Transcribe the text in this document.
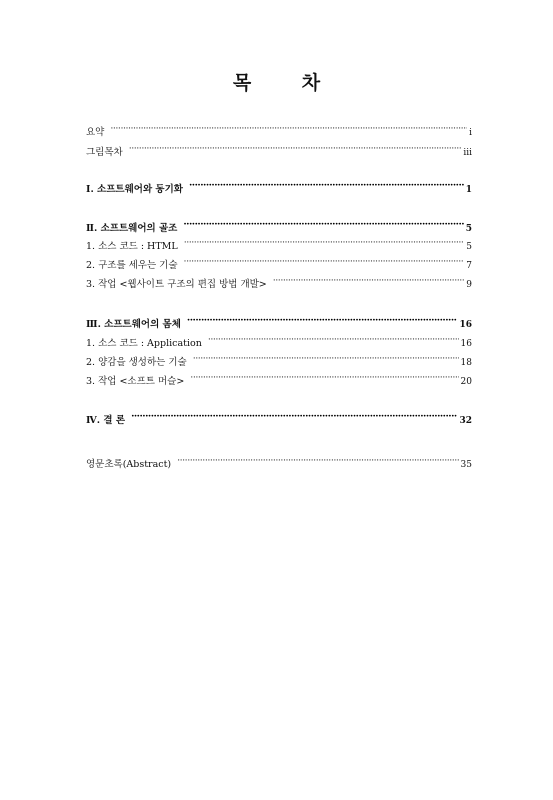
목 차
요약 ·····	i
그림목차 ·····	iii
Ⅰ. 소프트웨어와 동기화 ·····	1
Ⅱ. 소프트웨어의 골조 ·····	5
1. 소스 코드 : HTML ·····	5
2. 구조를 세우는 기술 ·····	7
3. 작업 <웹사이트 구조의 편집 방법 개발> ·····	9
Ⅲ. 소프트웨어의 몸체 ·····	16
1. 소스 코드 : Application ·····	16
2. 양감을 생성하는 기술 ·····	18
3. 작업 <소프트 머슬> ·····	20
Ⅳ. 결 론 ·····	32
영문초록(Abstract) ·····	35
